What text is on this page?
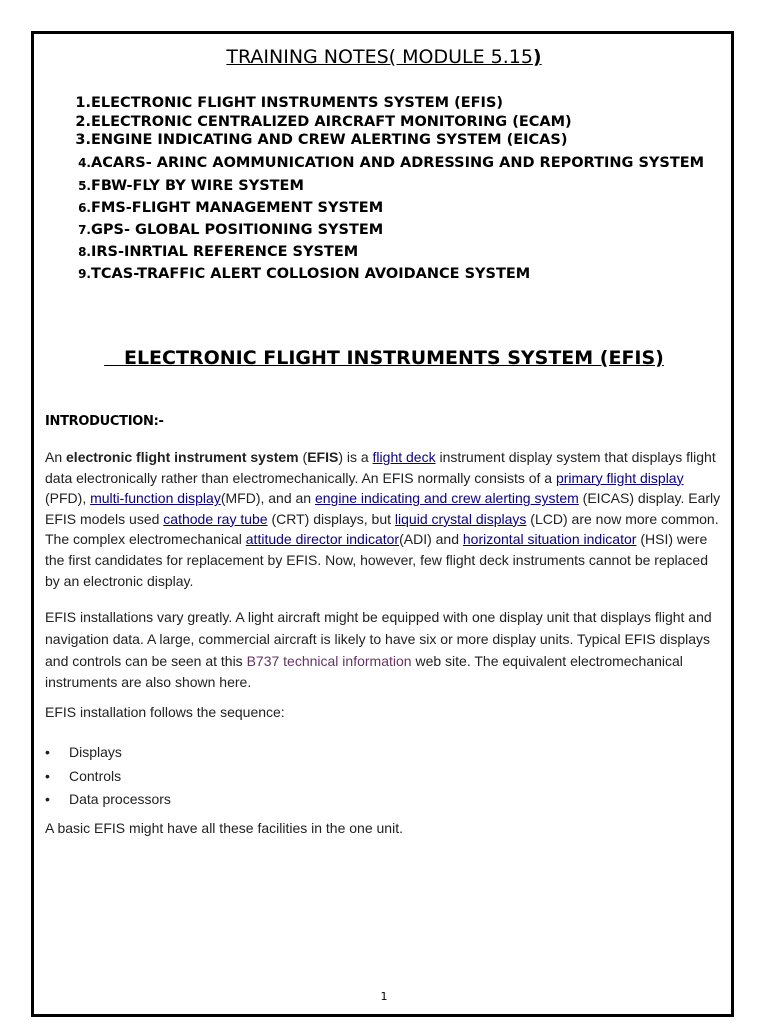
TRAINING NOTES( MODULE 5.15)
1. ELECTRONIC FLIGHT INSTRUMENTS SYSTEM (EFIS)
2. ELECTRONIC CENTRALIZED AIRCRAFT MONITORING (ECAM)
3. ENGINE INDICATING AND CREW ALERTING SYSTEM (EICAS)
4. ACARS- ARINC AOMMUNICATION AND ADRESSING AND REPORTING SYSTEM
5. FBW-FLY BY WIRE SYSTEM
6. FMS-FLIGHT MANAGEMENT SYSTEM
7. GPS- GLOBAL POSITIONING SYSTEM
8. IRS-INRTIAL REFERENCE SYSTEM
9. TCAS-TRAFFIC ALERT COLLOSION AVOIDANCE SYSTEM
ELECTRONIC FLIGHT INSTRUMENTS SYSTEM (EFIS)
INTRODUCTION:-
An electronic flight instrument system (EFIS) is a flight deck instrument display system that displays flight data electronically rather than electromechanically. An EFIS normally consists of a primary flight display (PFD), multi-function display(MFD), and an engine indicating and crew alerting system (EICAS) display. Early EFIS models used cathode ray tube (CRT) displays, but liquid crystal displays (LCD) are now more common. The complex electromechanical attitude director indicator(ADI) and horizontal situation indicator (HSI) were the first candidates for replacement by EFIS. Now, however, few flight deck instruments cannot be replaced by an electronic display.
EFIS installations vary greatly. A light aircraft might be equipped with one display unit that displays flight and navigation data. A large, commercial aircraft is likely to have six or more display units. Typical EFIS displays and controls can be seen at this B737 technical information web site. The equivalent electromechanical instruments are also shown here.
EFIS installation follows the sequence:
•	Displays
•	Controls
•	Data processors
A basic EFIS might have all these facilities in the one unit.
1
